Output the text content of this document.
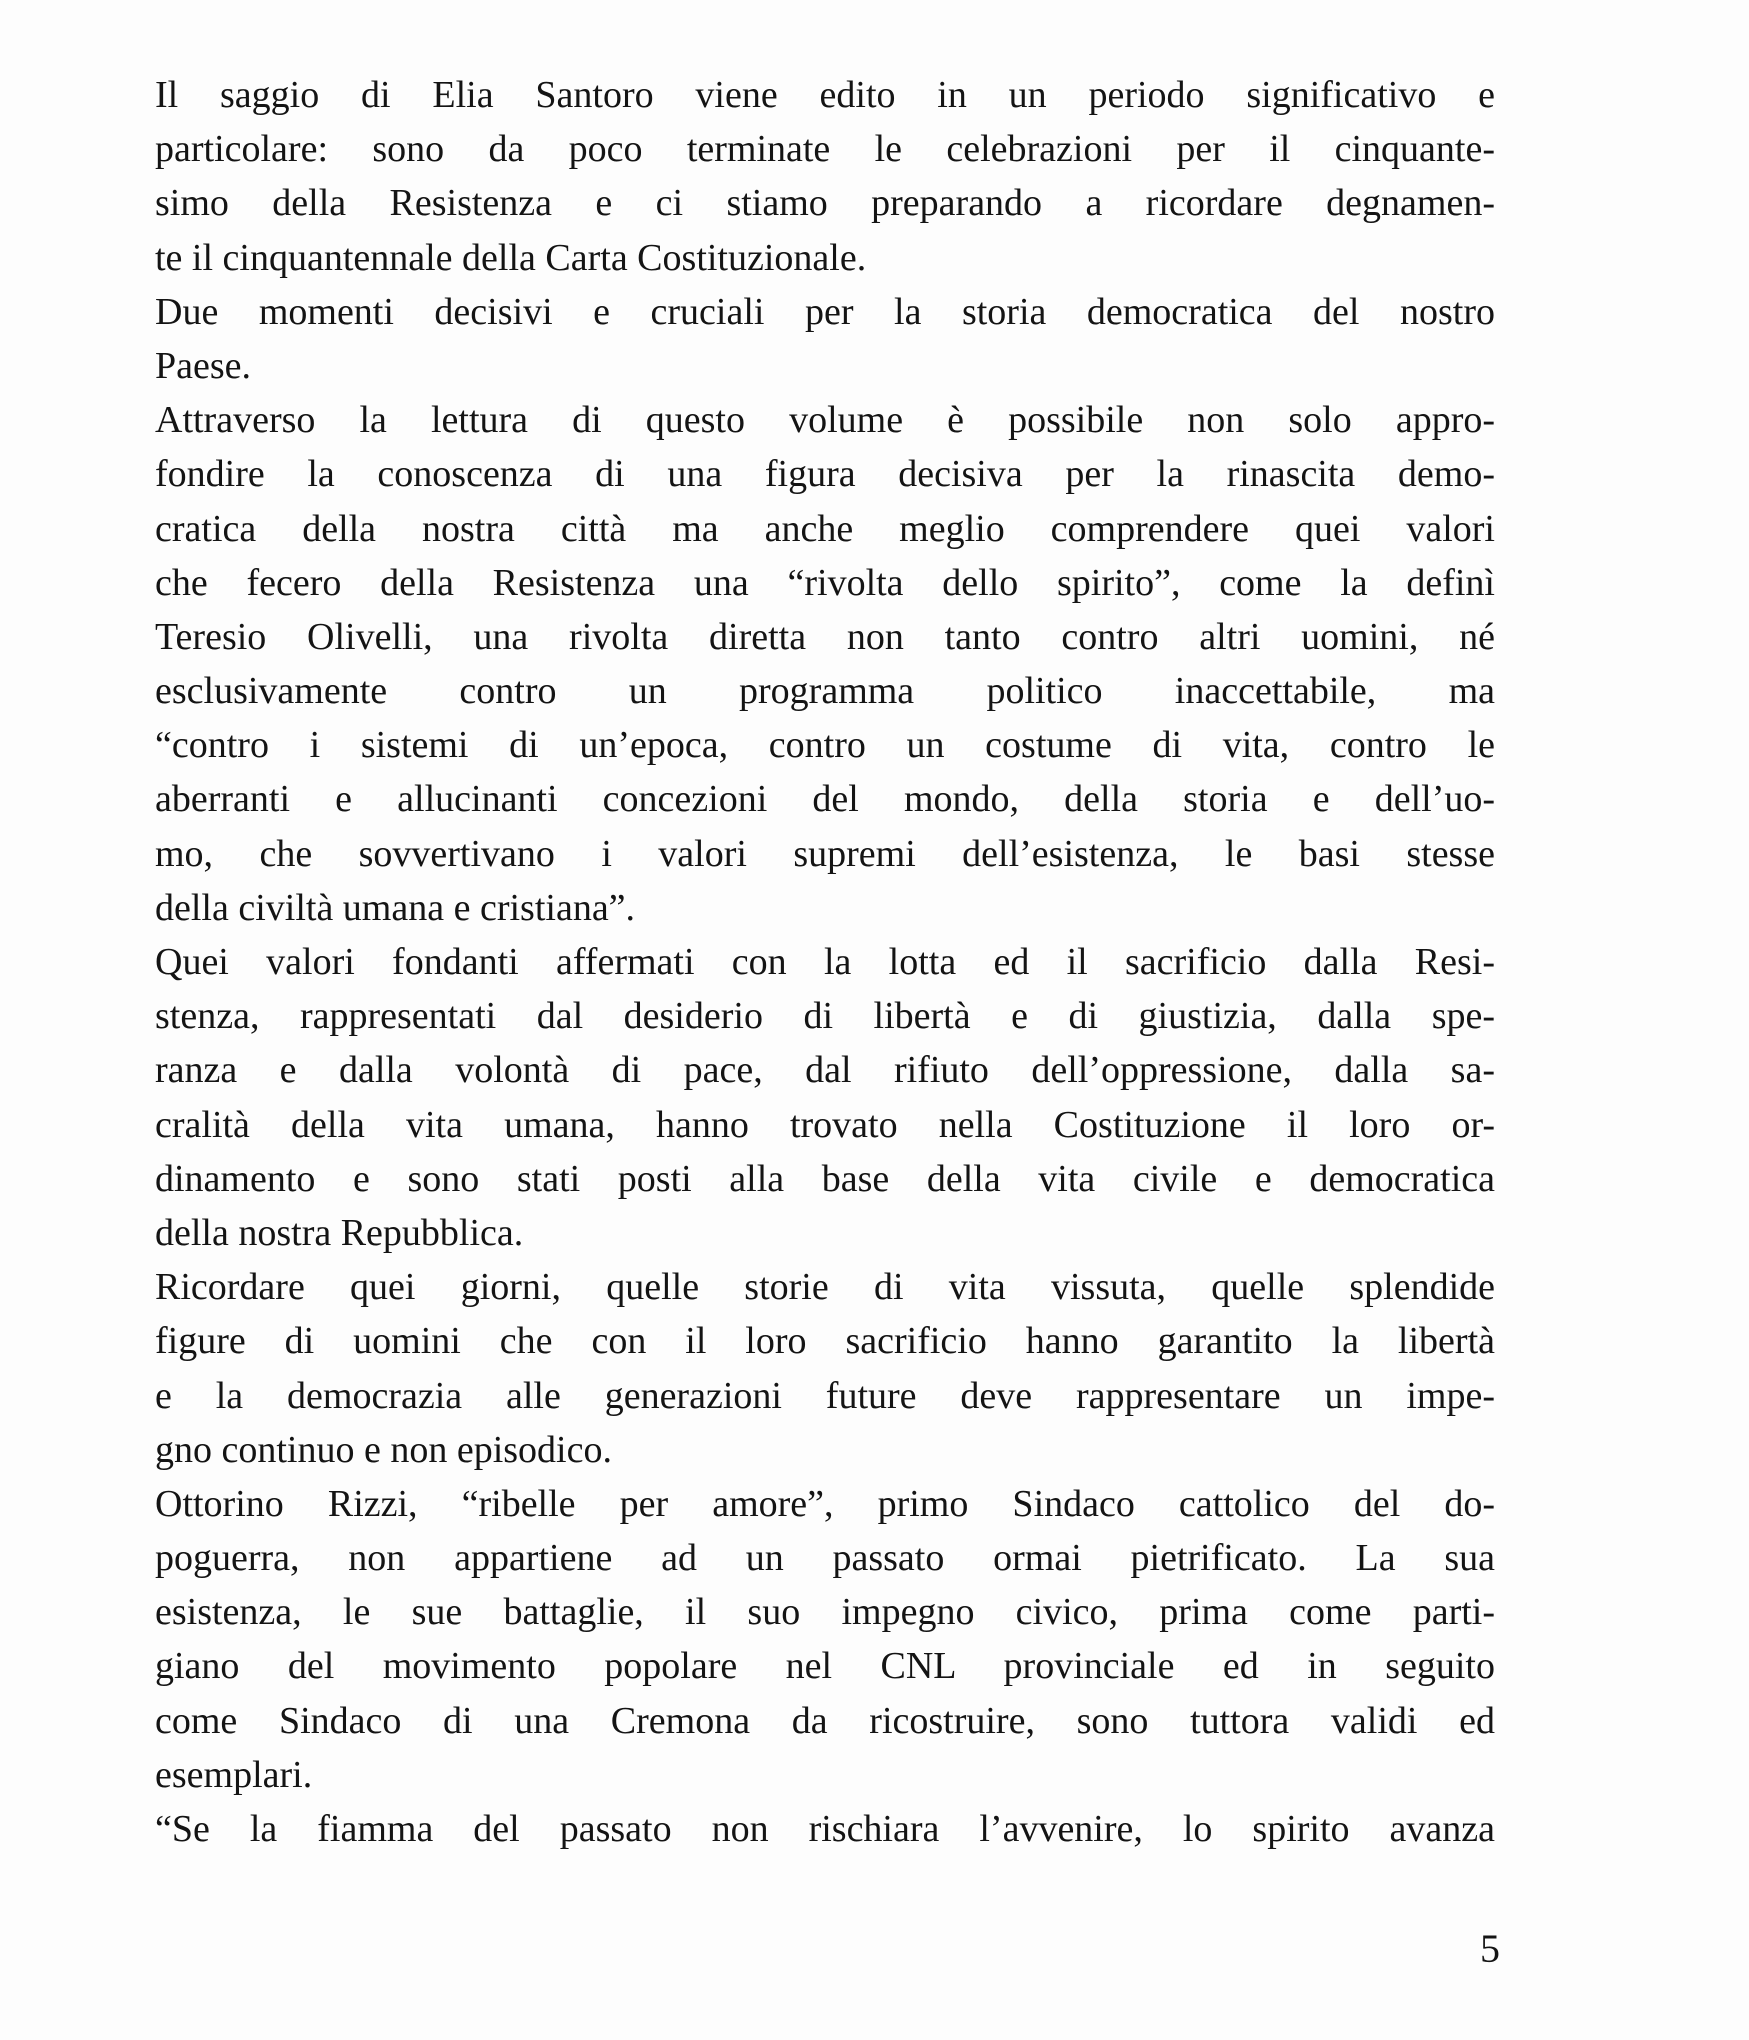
Il saggio di Elia Santoro viene edito in un periodo significativo e
particolare: sono da poco terminate le celebrazioni per il cinquante-
simo della Resistenza e ci stiamo preparando a ricordare degnamen-
te il cinquantennale della Carta Costituzionale.
Due momenti decisivi e cruciali per la storia democratica del nostro
Paese.
Attraverso la lettura di questo volume è possibile non solo appro-
fondire la conoscenza di una figura decisiva per la rinascita demo-
cratica della nostra città ma anche meglio comprendere quei valori
che fecero della Resistenza una “rivolta dello spirito”, come la definì
Teresio Olivelli, una rivolta diretta non tanto contro altri uomini, né
esclusivamente contro un programma politico inaccettabile, ma
“contro i sistemi di un’epoca, contro un costume di vita, contro le
aberranti e allucinanti concezioni del mondo, della storia e dell’uo-
mo, che sovvertivano i valori supremi dell’esistenza, le basi stesse
della civiltà umana e cristiana”.
Quei valori fondanti affermati con la lotta ed il sacrificio dalla Resi-
stenza, rappresentati dal desiderio di libertà e di giustizia, dalla spe-
ranza e dalla volontà di pace, dal rifiuto dell’oppressione, dalla sa-
cralità della vita umana, hanno trovato nella Costituzione il loro or-
dinamento e sono stati posti alla base della vita civile e democratica
della nostra Repubblica.
Ricordare quei giorni, quelle storie di vita vissuta, quelle splendide
figure di uomini che con il loro sacrificio hanno garantito la libertà
e la democrazia alle generazioni future deve rappresentare un impe-
gno continuo e non episodico.
Ottorino Rizzi, “ribelle per amore”, primo Sindaco cattolico del do-
poguerra, non appartiene ad un passato ormai pietrificato. La sua
esistenza, le sue battaglie, il suo impegno civico, prima come parti-
giano del movimento popolare nel CNL provinciale ed in seguito
come Sindaco di una Cremona da ricostruire, sono tuttora validi ed
esemplari.
“Se la fiamma del passato non rischiara l’avvenire, lo spirito avanza
5
